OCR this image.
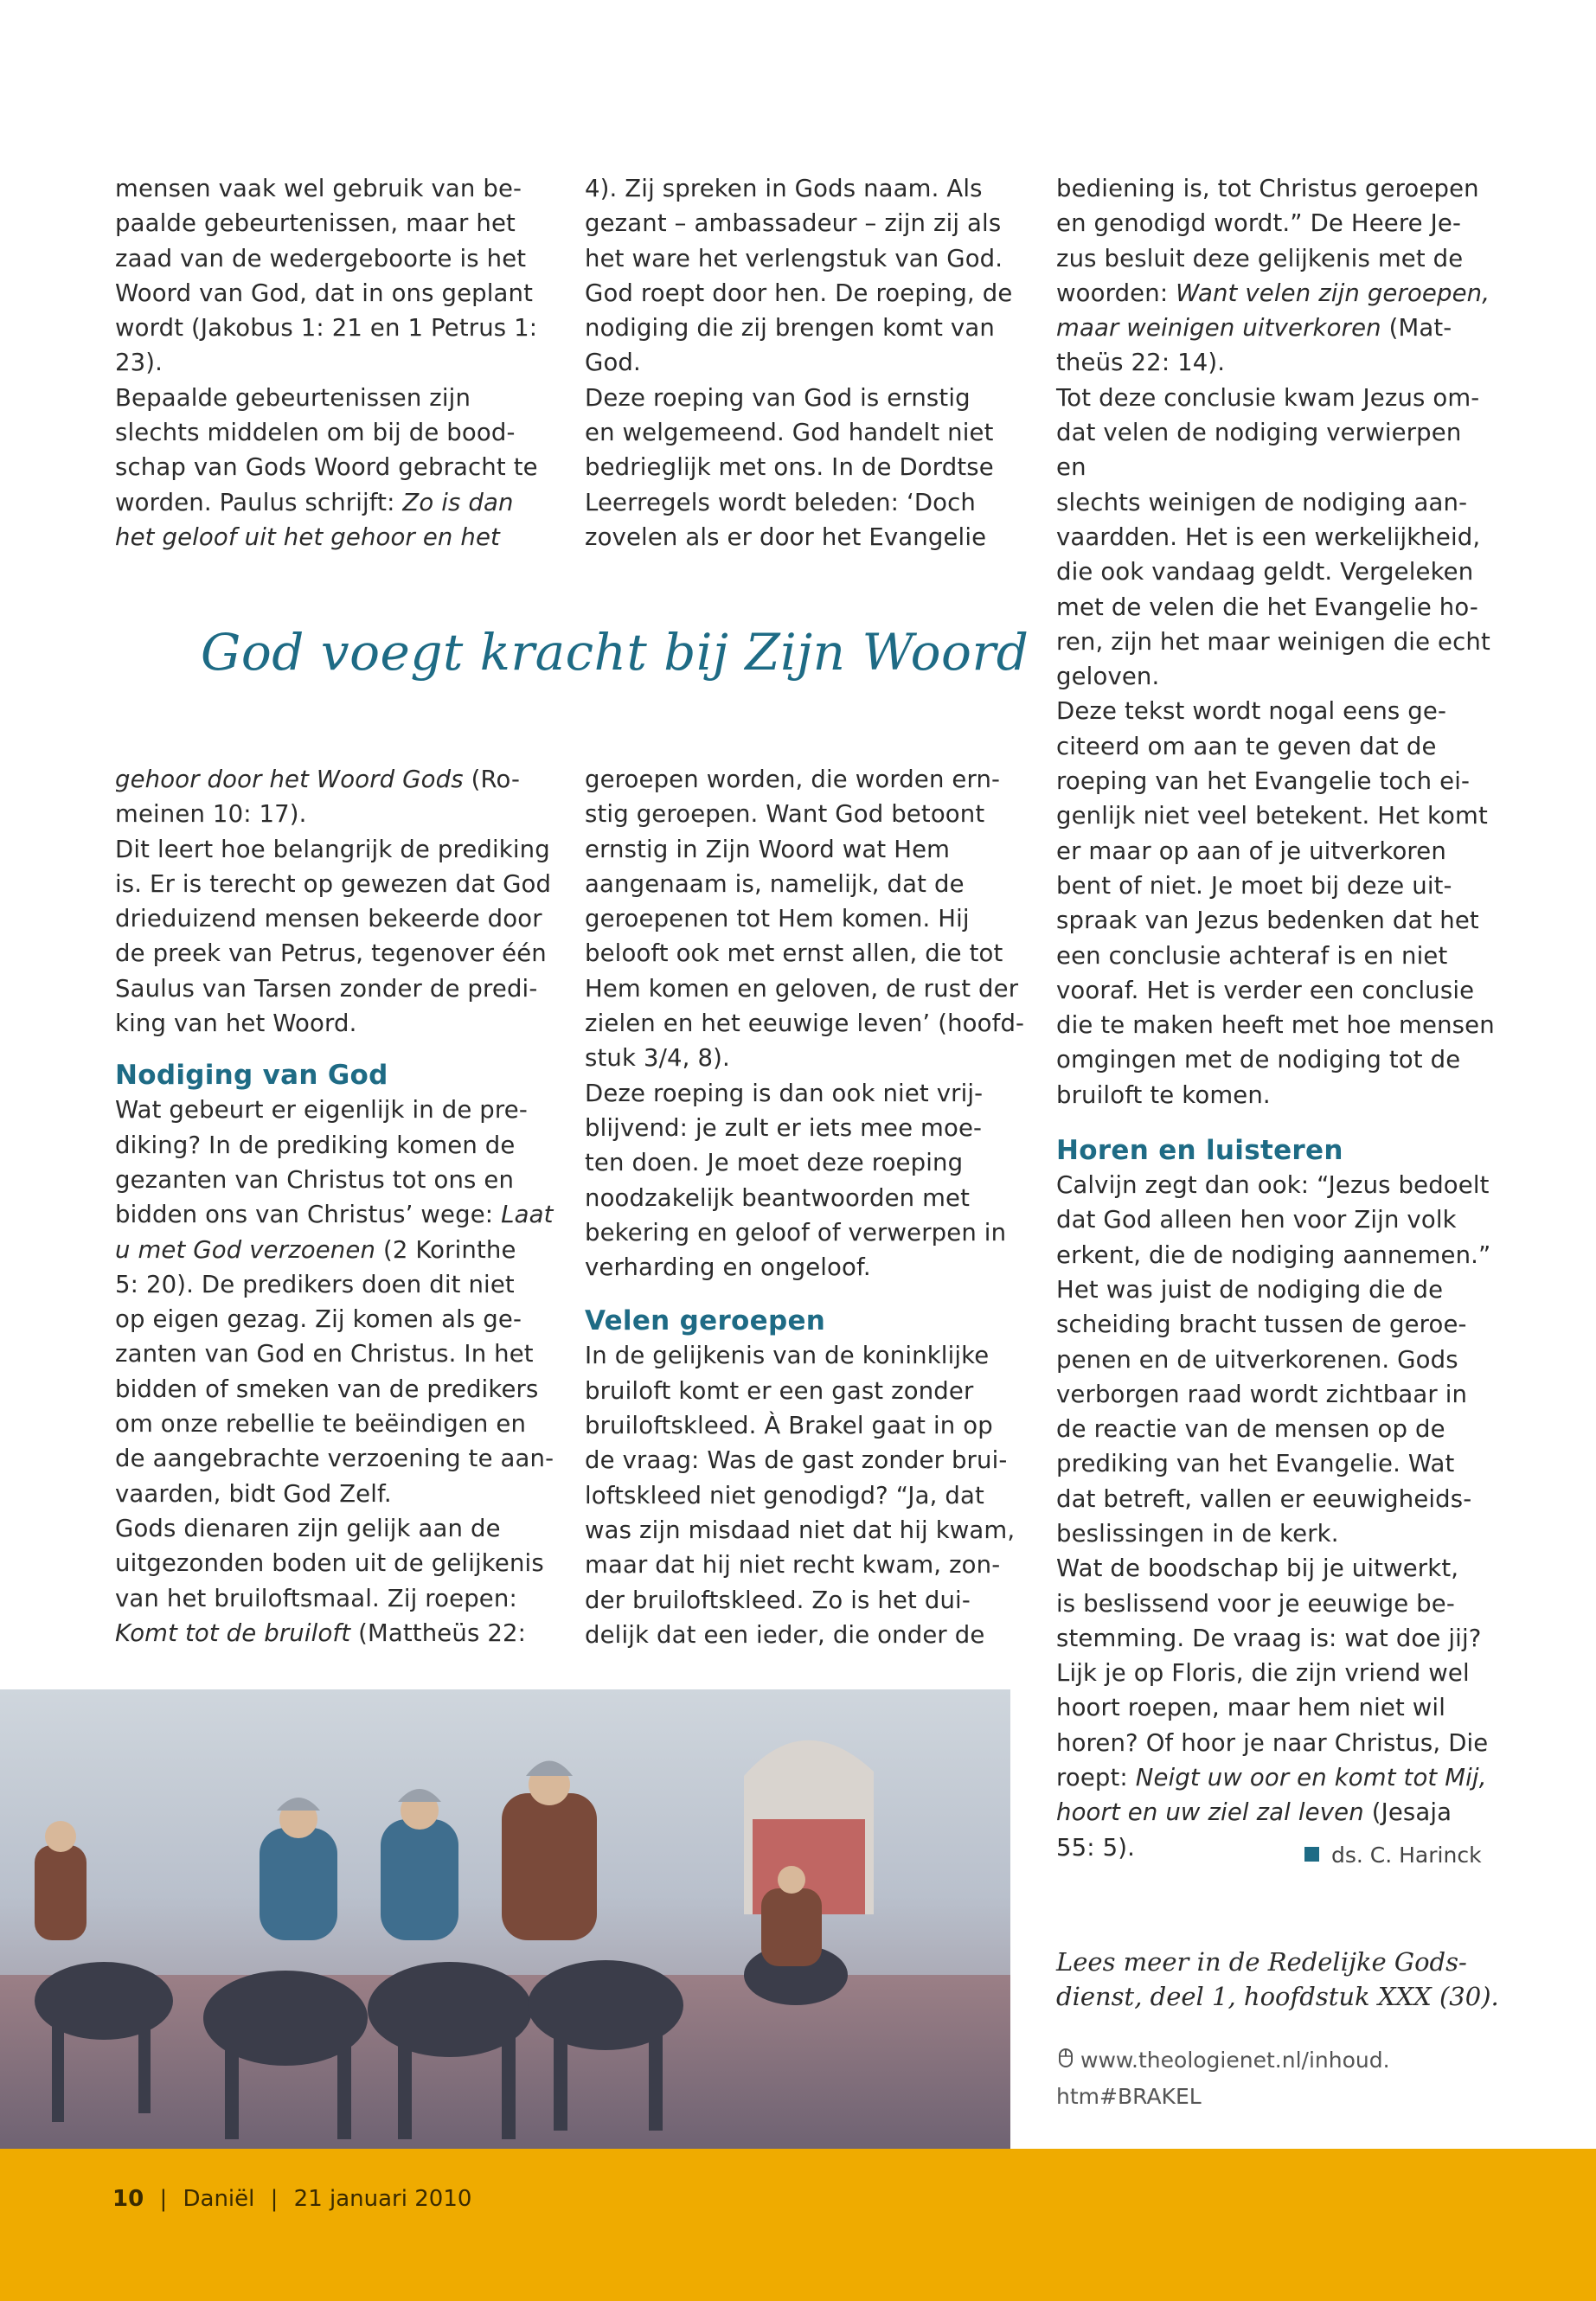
mensen vaak wel gebruik van be-

paalde gebeurtenissen, maar het

zaad van de wedergeboorte is het

Woord van God, dat in ons geplant

wordt (Jakobus 1: 21 en 1 Petrus 1:

23).

Bepaalde gebeurtenissen zijn

slechts middelen om bij de bood-

schap van Gods Woord gebracht te

worden. Paulus schrijft: Zo is dan

het geloof uit het gehoor en het

4). Zij spreken in Gods naam. Als

gezant – ambassadeur – zijn zij als

het ware het verlengstuk van God.

God roept door hen. De roeping, de

nodiging die zij brengen komt van

God.

Deze roeping van God is ernstig

en welgemeend. God handelt niet

bedrieglijk met ons. In de Dordtse

Leerregels wordt beleden: ‘Doch

zovelen als er door het Evangelie

God voegt kracht bij Zijn Woord

gehoor door het Woord Gods (Ro-

meinen 10: 17).

Dit leert hoe belangrijk de prediking

is. Er is terecht op gewezen dat God

drieduizend mensen bekeerde door

de preek van Petrus, tegenover één

Saulus van Tarsen zonder de predi-

king van het Woord.

Nodiging van God

Wat gebeurt er eigenlijk in de pre-

diking? In de prediking komen de

gezanten van Christus tot ons en

bidden ons van Christus’ wege: Laat

u met God verzoenen (2 Korinthe

5: 20). De predikers doen dit niet

op eigen gezag. Zij komen als ge-

zanten van God en Christus. In het

bidden of smeken van de predikers

om onze rebellie te beëindigen en

de aangebrachte verzoening te aan-

vaarden, bidt God Zelf.

Gods dienaren zijn gelijk aan de

uitgezonden boden uit de gelijkenis

van het bruiloftsmaal. Zij roepen:

Komt tot de bruiloft (Mattheüs 22:

geroepen worden, die worden ern-

stig geroepen. Want God betoont

ernstig in Zijn Woord wat Hem

aangenaam is, namelijk, dat de

geroepenen tot Hem komen. Hij

belooft ook met ernst allen, die tot

Hem komen en geloven, de rust der

zielen en het eeuwige leven’ (hoofd-

stuk 3/4, 8).

Deze roeping is dan ook niet vrij-

blijvend: je zult er iets mee moe-

ten doen. Je moet deze roeping

noodzakelijk beantwoorden met

bekering en geloof of verwerpen in

verharding en ongeloof.

Velen geroepen

In de gelijkenis van de koninklijke

bruiloft komt er een gast zonder

bruiloftskleed. À Brakel gaat in op

de vraag: Was de gast zonder brui-

loftskleed niet genodigd? “Ja, dat

was zijn misdaad niet dat hij kwam,

maar dat hij niet recht kwam, zon-

der bruiloftskleed. Zo is het dui-

delijk dat een ieder, die onder de

bediening is, tot Christus geroepen

en genodigd wordt.” De Heere Je-

zus besluit deze gelijkenis met de

woorden: Want velen zijn geroepen,

maar weinigen uitverkoren (Mat-

theüs 22: 14).

Tot deze conclusie kwam Jezus om-

dat velen de nodiging verwierpen en

slechts weinigen de nodiging aan-

vaardden. Het is een werkelijkheid,

die ook vandaag geldt. Vergeleken

met de velen die het Evangelie ho-

ren, zijn het maar weinigen die echt

geloven.

Deze tekst wordt nogal eens ge-

citeerd om aan te geven dat de

roeping van het Evangelie toch ei-

genlijk niet veel betekent. Het komt

er maar op aan of je uitverkoren

bent of niet. Je moet bij deze uit-

spraak van Jezus bedenken dat het

een conclusie achteraf is en niet

vooraf. Het is verder een conclusie

die te maken heeft met hoe mensen

omgingen met de nodiging tot de

bruiloft te komen.

Horen en luisteren

Calvijn zegt dan ook: “Jezus bedoelt

dat God alleen hen voor Zijn volk

erkent, die de nodiging aannemen.”

Het was juist de nodiging die de

scheiding bracht tussen de geroe-

penen en de uitverkorenen. Gods

verborgen raad wordt zichtbaar in

de reactie van de mensen op de

prediking van het Evangelie. Wat

dat betreft, vallen er eeuwigheids-

beslissingen in de kerk.

Wat de boodschap bij je uitwerkt,

is beslissend voor je eeuwige be-

stemming. De vraag is: wat doe jij?

Lijk je op Floris, die zijn vriend wel

hoort roepen, maar hem niet wil

horen? Of hoor je naar Christus, Die

roept: Neigt uw oor en komt tot Mij,

hoort en uw ziel zal leven (Jesaja

55: 5).	ds. C. Harinck
Lees meer in de Redelijke Gods-
dienst, deel 1, hoofdstuk XXX (30).
www.theologienet.nl/inhoud.
htm#BRAKEL
10 | Daniël | 21 januari 2010
